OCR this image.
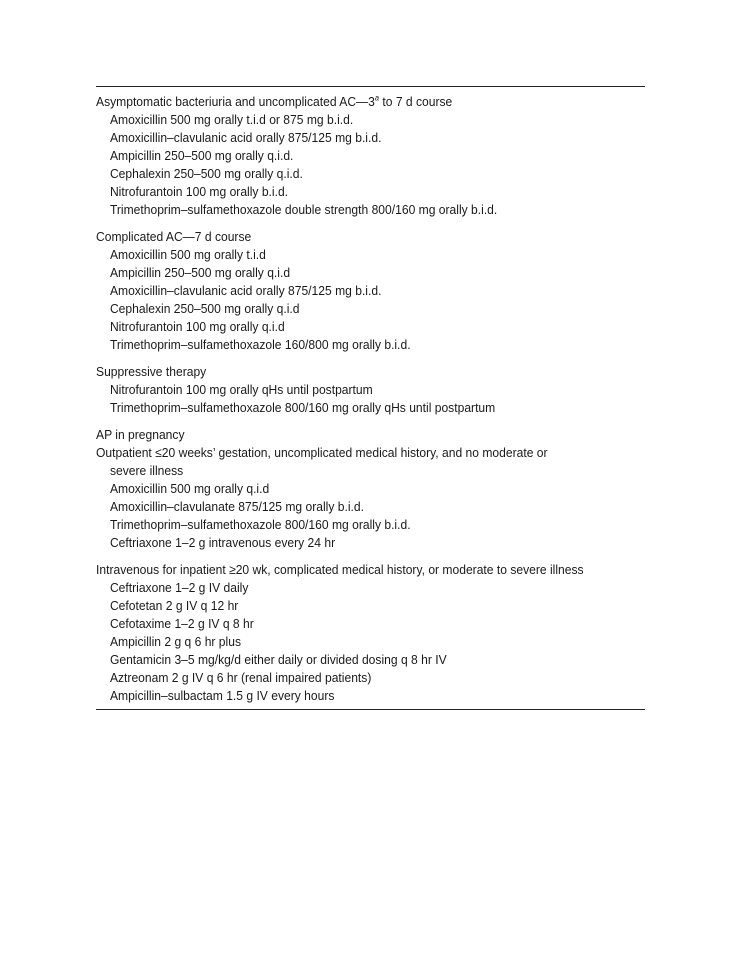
Asymptomatic bacteriuria and uncomplicated AC—3$^a$ to 7 d course
Amoxicillin 500 mg orally t.i.d or 875 mg b.i.d.
Amoxicillin–clavulanic acid orally 875/125 mg b.i.d.
Ampicillin 250–500 mg orally q.i.d.
Cephalexin 250–500 mg orally q.i.d.
Nitrofurantoin 100 mg orally b.i.d.
Trimethoprim–sulfamethoxazole double strength 800/160 mg orally b.i.d.
Complicated AC—7 d course
Amoxicillin 500 mg orally t.i.d
Ampicillin 250–500 mg orally q.i.d
Amoxicillin–clavulanic acid orally 875/125 mg b.i.d.
Cephalexin 250–500 mg orally q.i.d
Nitrofurantoin 100 mg orally q.i.d
Trimethoprim–sulfamethoxazole 160/800 mg orally b.i.d.
Suppressive therapy
Nitrofurantoin 100 mg orally qHs until postpartum
Trimethoprim–sulfamethoxazole 800/160 mg orally qHs until postpartum
AP in pregnancy
Outpatient ≤20 weeks’ gestation, uncomplicated medical history, and no moderate or
severe illness
Amoxicillin 500 mg orally q.i.d
Amoxicillin–clavulanate 875/125 mg orally b.i.d.
Trimethoprim–sulfamethoxazole 800/160 mg orally b.i.d.
Ceftriaxone 1–2 g intravenous every 24 hr
Intravenous for inpatient ≥20 wk, complicated medical history, or moderate to severe illness
Ceftriaxone 1–2 g IV daily
Cefotetan 2 g IV q 12 hr
Cefotaxime 1–2 g IV q 8 hr
Ampicillin 2 g q 6 hr plus
Gentamicin 3–5 mg/kg/d either daily or divided dosing q 8 hr IV
Aztreonam 2 g IV q 6 hr (renal impaired patients)
Ampicillin–sulbactam 1.5 g IV every hours
